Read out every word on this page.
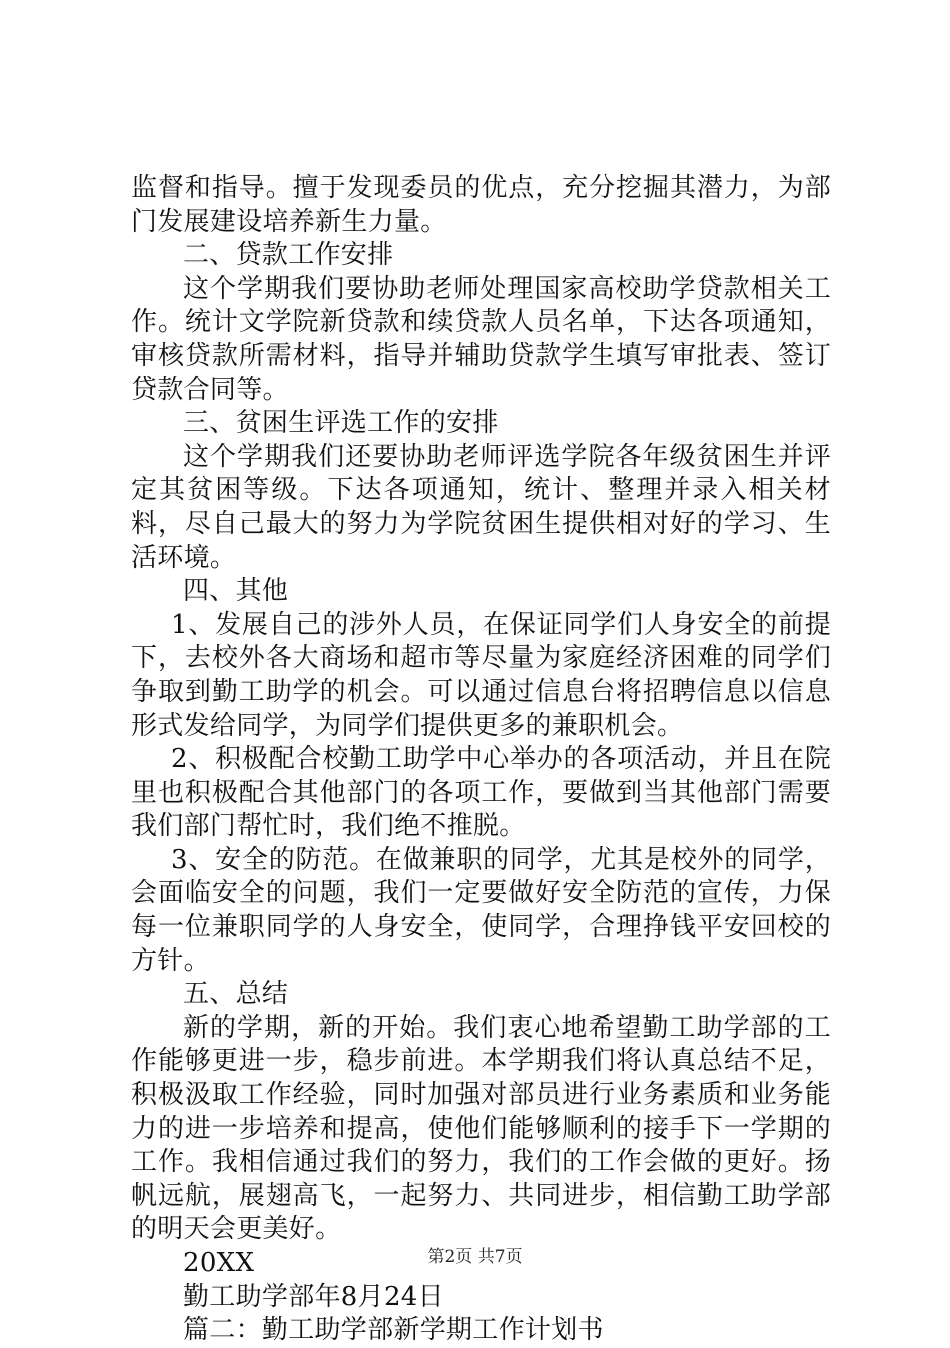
监督和指导。擅于发现委员的优点，充分挖掘其潜力，为部门发展建设培养新生力量。

二、贷款工作安排

这个学期我们要协助老师处理国家高校助学贷款相关工作。统计文学院新贷款和续贷款人员名单，下达各项通知，审核贷款所需材料，指导并辅助贷款学生填写审批表、签订贷款合同等。

三、贫困生评选工作的安排

这个学期我们还要协助老师评选学院各年级贫困生并评定其贫困等级。下达各项通知，统计、整理并录入相关材料，尽自己最大的努力为学院贫困生提供相对好的学习、生活环境。

四、其他

1、发展自己的涉外人员，在保证同学们人身安全的前提下，去校外各大商场和超市等尽量为家庭经济困难的同学们争取到勤工助学的机会。可以通过信息台将招聘信息以信息形式发给同学，为同学们提供更多的兼职机会。

2、积极配合校勤工助学中心举办的各项活动，并且在院里也积极配合其他部门的各项工作，要做到当其他部门需要我们部门帮忙时，我们绝不推脱。

3、安全的防范。在做兼职的同学，尤其是校外的同学，会面临安全的问题，我们一定要做好安全防范的宣传，力保每一位兼职同学的人身安全，使同学，合理挣钱平安回校的方针。

五、总结

新的学期，新的开始。我们衷心地希望勤工助学部的工作能够更进一步，稳步前进。本学期我们将认真总结不足，积极汲取工作经验，同时加强对部员进行业务素质和业务能力的进一步培养和提高，使他们能够顺利的接手下一学期的工作。我相信通过我们的努力，我们的工作会做的更好。扬帆远航，展翅高飞，一起努力、共同进步，相信勤工助学部的明天会更美好。

20XX

勤工助学部年8月24日

篇二：勤工助学部新学期工作计划书

第2页 共7页
